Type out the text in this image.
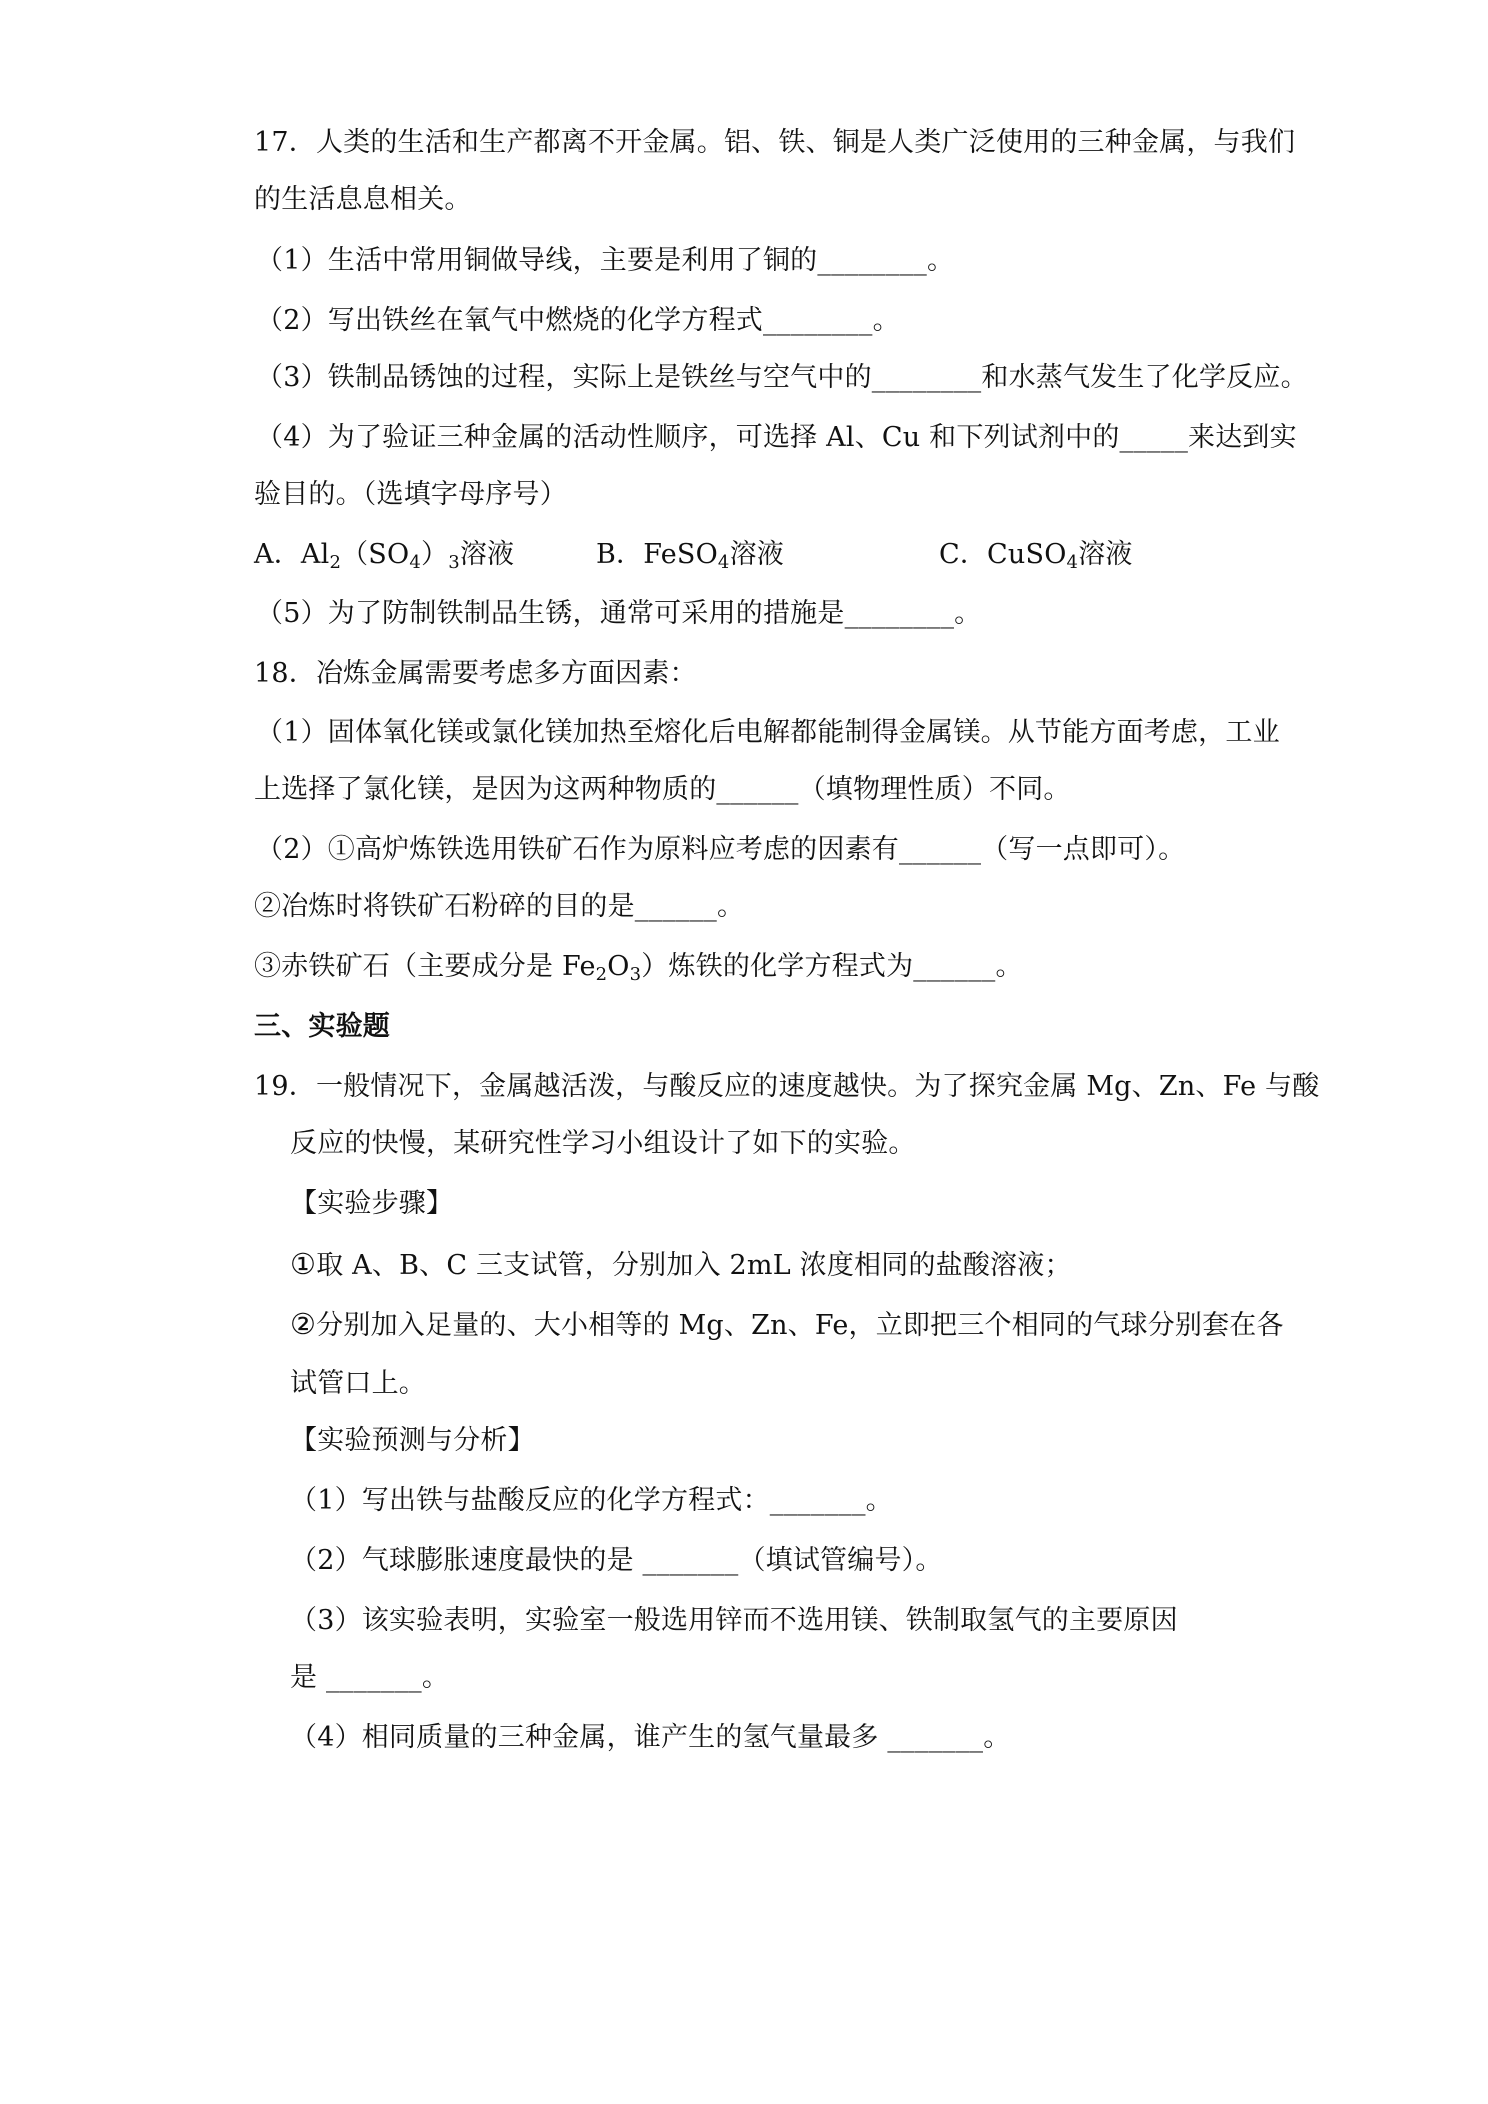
17．人类的生活和生产都离不开金属。铝、铁、铜是人类广泛使用的三种金属，与我们
的生活息息相关。
（1）生活中常用铜做导线，主要是利用了铜的________。
（2）写出铁丝在氧气中燃烧的化学方程式________。
（3）铁制品锈蚀的过程，实际上是铁丝与空气中的________和水蒸气发生了化学反应。
（4）为了验证三种金属的活动性顺序，可选择 Al、Cu 和下列试剂中的_____来达到实
验目的。（选填字母序号）
A．$Al_2(SO_4)_3$溶液	B．FeSO$_4$溶液	C．CuSO$_4$溶液
（5）为了防制铁制品生锈，通常可采用的措施是________。
18．冶炼金属需要考虑多方面因素：
（1）固体氧化镁或氯化镁加热至熔化后电解都能制得金属镁。从节能方面考虑，工业
上选择了氯化镁，是因为这两种物质的______（填物理性质）不同。
（2）①高炉炼铁选用铁矿石作为原料应考虑的因素有______（写一点即可）。
②冶炼时将铁矿石粉碎的目的是______。
③赤铁矿石（主要成分是 $Fe_2O_3$）炼铁的化学方程式为______。
三、实验题
19．一般情况下，金属越活泼，与酸反应的速度越快。为了探究金属 Mg、Zn、Fe 与酸
反应的快慢，某研究性学习小组设计了如下的实验。
【实验步骤】
①取 A、B、C 三支试管，分别加入 2mL 浓度相同的盐酸溶液；
②分别加入足量的、大小相等的 Mg、Zn、Fe，立即把三个相同的气球分别套在各
试管口上。
【实验预测与分析】
（1）写出铁与盐酸反应的化学方程式：_______。
（2）气球膨胀速度最快的是 _______（填试管编号）。
（3）该实验表明，实验室一般选用锌而不选用镁、铁制取氢气的主要原因
是 _______。
（4）相同质量的三种金属，谁产生的氢气量最多 _______。
